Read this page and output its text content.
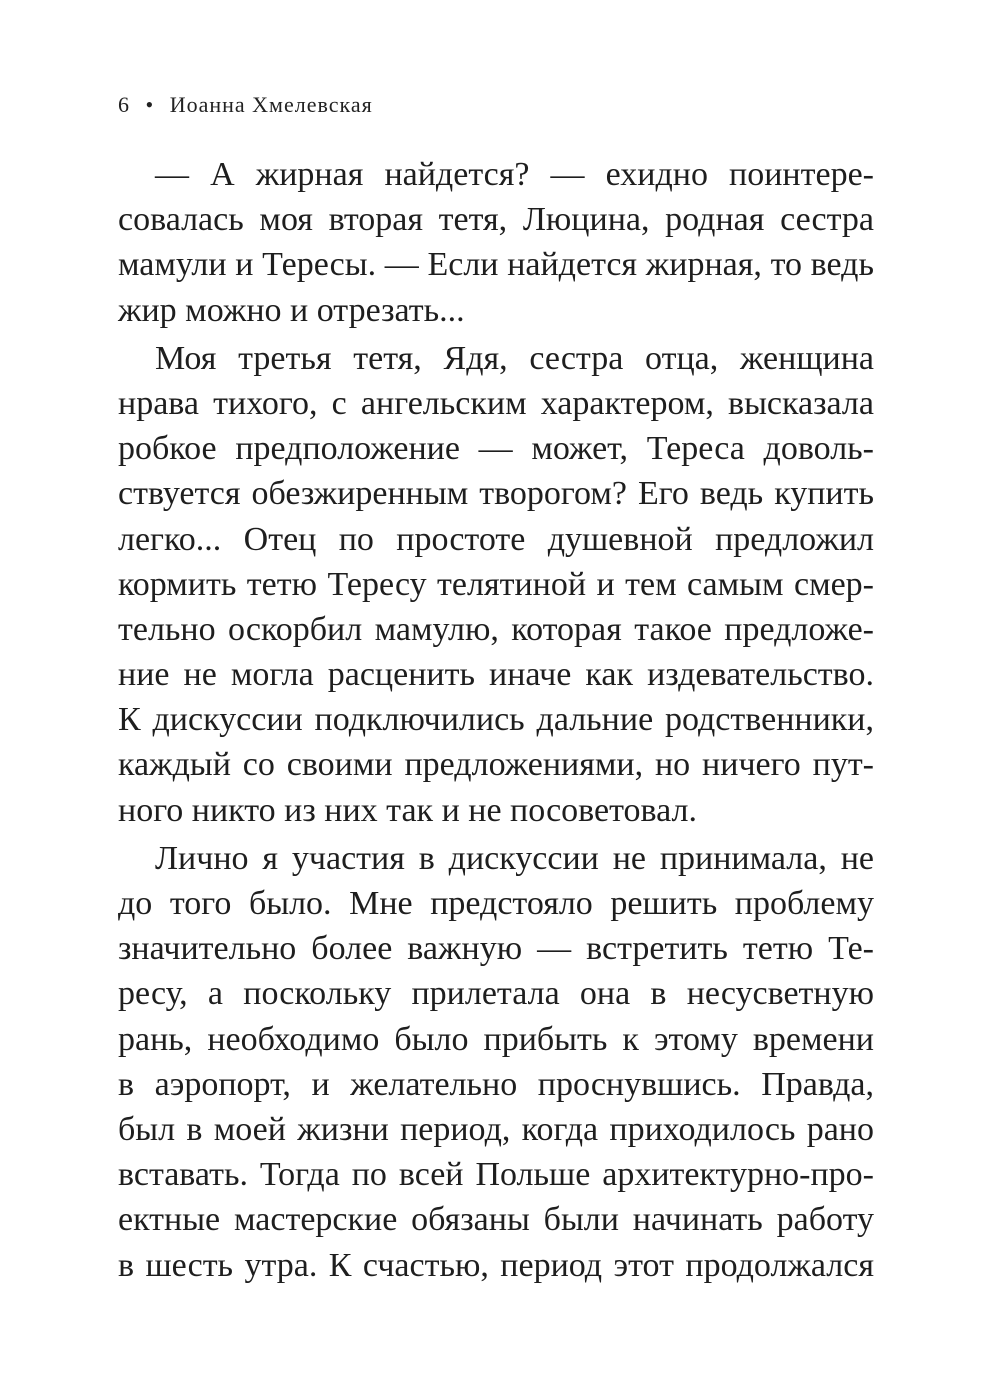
6 • Иоанна Хмелевская
— А жирная найдется? — ехидно поинтере-
совалась моя вторая тетя, Люцина, родная сестра
мамули и Тересы. — Если найдется жирная, то ведь
жир можно и отрезать...
Моя третья тетя, Ядя, сестра отца, женщина
нрава тихого, с ангельским характером, высказала
робкое предположение — может, Тереса доволь-
ствуется обезжиренным творогом? Его ведь купить
легко... Отец по простоте душевной предложил
кормить тетю Тересу телятиной и тем самым смер-
тельно оскорбил мамулю, которая такое предложе-
ние не могла расценить иначе как издевательство.
К дискуссии подключились дальние родственники,
каждый со своими предложениями, но ничего пут-
ного никто из них так и не посоветовал.
Лично я участия в дискуссии не принимала, не
до того было. Мне предстояло решить проблему
значительно более важную — встретить тетю Те-
ресу, а поскольку прилетала она в несусветную
рань, необходимо было прибыть к этому времени
в аэропорт, и желательно проснувшись. Правда,
был в моей жизни период, когда приходилось рано
вставать. Тогда по всей Польше архитектурно-про-
ектные мастерские обязаны были начинать работу
в шесть утра. К счастью, период этот продолжался
